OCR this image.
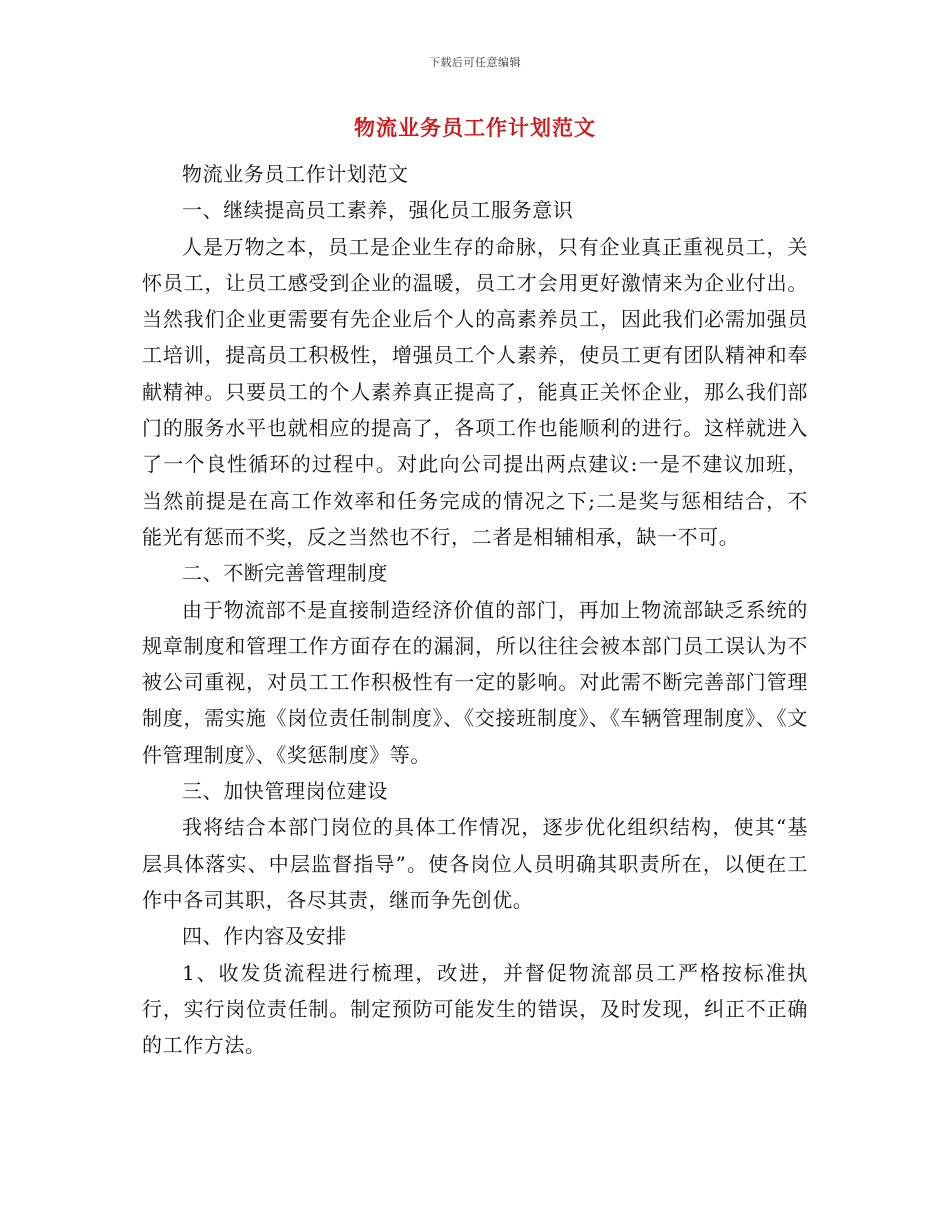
下载后可任意编辑
物流业务员工作计划范文

物流业务员工作计划范文

一、继续提高员工素养，强化员工服务意识

人是万物之本，员工是企业生存的命脉，只有企业真正重视员工，关怀员工，让员工感受到企业的温暖，员工才会用更好激情来为企业付出。当然我们企业更需要有先企业后个人的高素养员工，因此我们必需加强员工培训，提高员工积极性，增强员工个人素养，使员工更有团队精神和奉献精神。只要员工的个人素养真正提高了，能真正关怀企业，那么我们部门的服务水平也就相应的提高了，各项工作也能顺利的进行。这样就进入了一个良性循环的过程中。对此向公司提出两点建议:一是不建议加班，当然前提是在高工作效率和任务完成的情况之下;二是奖与惩相结合，不能光有惩而不奖，反之当然也不行，二者是相辅相承，缺一不可。

二、不断完善管理制度

由于物流部不是直接制造经济价值的部门，再加上物流部缺乏系统的规章制度和管理工作方面存在的漏洞，所以往往会被本部门员工误认为不被公司重视，对员工工作积极性有一定的影响。对此需不断完善部门管理制度，需实施《岗位责任制制度》、《交接班制度》、《车辆管理制度》、《文件管理制度》、《奖惩制度》等。

三、加快管理岗位建设

我将结合本部门岗位的具体工作情况，逐步优化组织结构，使其“基层具体落实、中层监督指导”。使各岗位人员明确其职责所在，以便在工作中各司其职，各尽其责，继而争先创优。

四、作内容及安排

1、收发货流程进行梳理，改进，并督促物流部员工严格按标准执行，实行岗位责任制。制定预防可能发生的错误，及时发现，纠正不正确的工作方法。
